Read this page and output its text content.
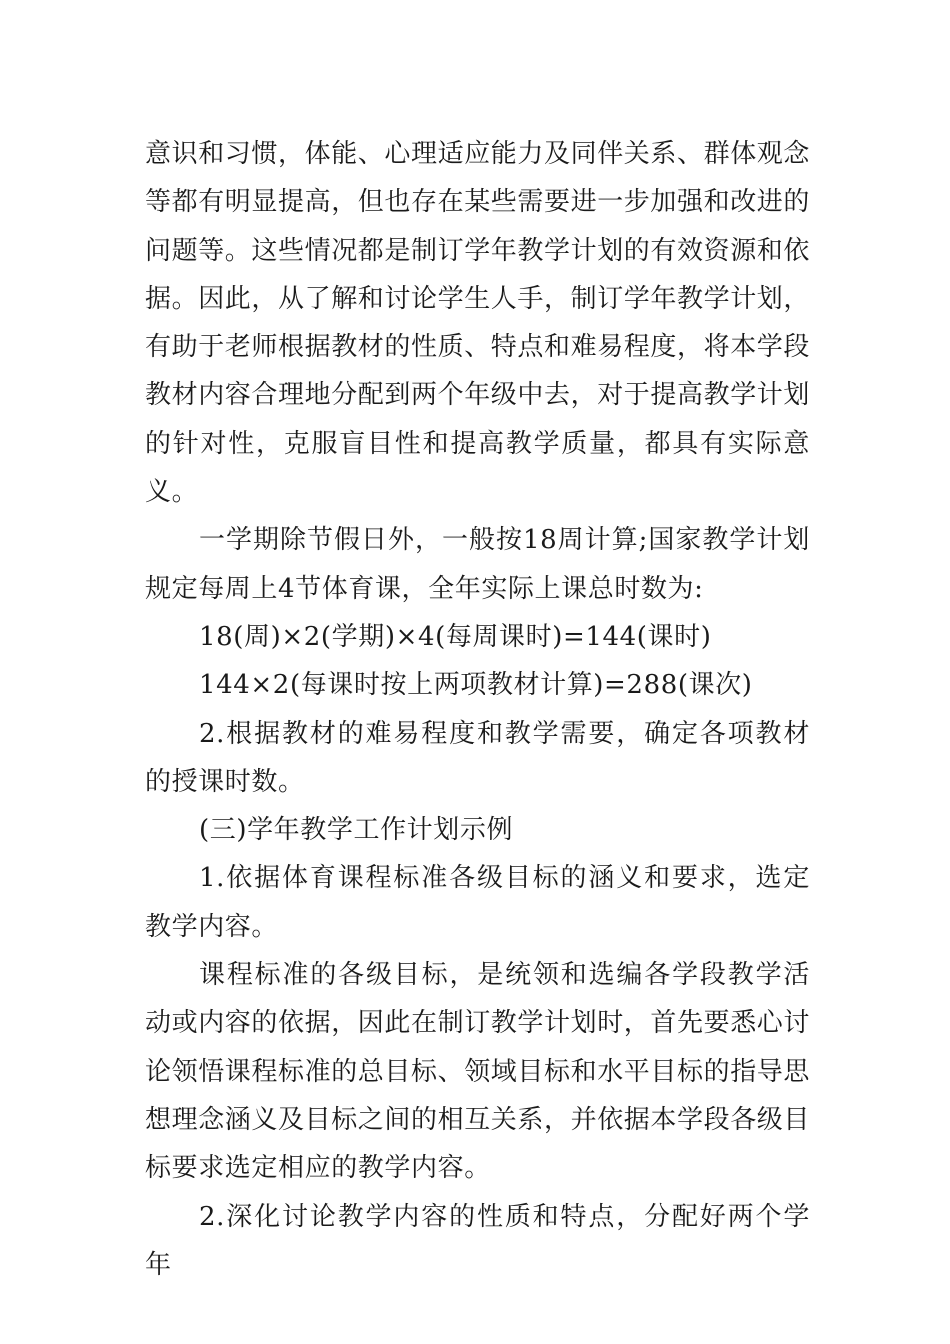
意识和习惯，体能、心理适应能力及同伴关系、群体观念等都有明显提高，但也存在某些需要进一步加强和改进的问题等。这些情况都是制订学年教学计划的有效资源和依据。因此，从了解和讨论学生人手，制订学年教学计划，有助于老师根据教材的性质、特点和难易程度，将本学段教材内容合理地分配到两个年级中去，对于提高教学计划的针对性，克服盲目性和提高教学质量，都具有实际意义。

一学期除节假日外，一般按18周计算;国家教学计划规定每周上4节体育课，全年实际上课总时数为:

18(周)×2(学期)×4(每周课时)=144(课时)

144×2(每课时按上两项教材计算)=288(课次)

2.根据教材的难易程度和教学需要，确定各项教材的授课时数。

(三)学年教学工作计划示例

1.依据体育课程标准各级目标的涵义和要求，选定教学内容。

课程标准的各级目标，是统领和选编各学段教学活动或内容的依据，因此在制订教学计划时，首先要悉心讨论领悟课程标准的总目标、领域目标和水平目标的指导思想理念涵义及目标之间的相互关系，并依据本学段各级目标要求选定相应的教学内容。

2.深化讨论教学内容的性质和特点，分配好两个学年
